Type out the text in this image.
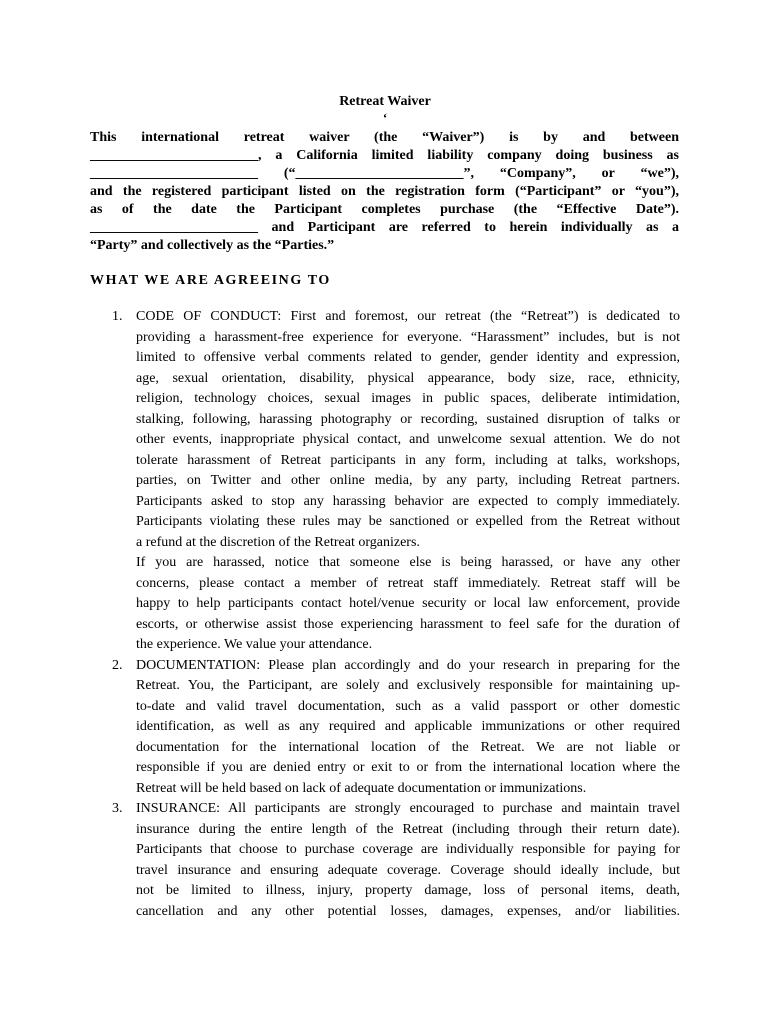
Retreat Waiver
‘
This international retreat waiver (the “Waiver”) is by and between
________________________, a California limited liability company doing business as
________________________ (“________________________”, “Company”, or “we”),
and the registered participant listed on the registration form (“Participant” or “you”),
as of the date the Participant completes purchase (the “Effective Date”).
________________________ and Participant are referred to herein individually as a
“Party” and collectively as the “Parties.”
WHAT WE ARE AGREEING TO
1. CODE OF CONDUCT: First and foremost, our retreat (the “Retreat”) is dedicated to
providing a harassment-free experience for everyone. “Harassment” includes, but is not
limited to offensive verbal comments related to gender, gender identity and expression,
age, sexual orientation, disability, physical appearance, body size, race, ethnicity,
religion, technology choices, sexual images in public spaces, deliberate intimidation,
stalking, following, harassing photography or recording, sustained disruption of talks or
other events, inappropriate physical contact, and unwelcome sexual attention. We do not
tolerate harassment of Retreat participants in any form, including at talks, workshops,
parties, on Twitter and other online media, by any party, including Retreat partners.
Participants asked to stop any harassing behavior are expected to comply immediately.
Participants violating these rules may be sanctioned or expelled from the Retreat without
a refund at the discretion of the Retreat organizers.
If you are harassed, notice that someone else is being harassed, or have any other
concerns, please contact a member of retreat staff immediately. Retreat staff will be
happy to help participants contact hotel/venue security or local law enforcement, provide
escorts, or otherwise assist those experiencing harassment to feel safe for the duration of
the experience. We value your attendance.
2. DOCUMENTATION: Please plan accordingly and do your research in preparing for the
Retreat. You, the Participant, are solely and exclusively responsible for maintaining up-
to-date and valid travel documentation, such as a valid passport or other domestic
identification, as well as any required and applicable immunizations or other required
documentation for the international location of the Retreat. We are not liable or
responsible if you are denied entry or exit to or from the international location where the
Retreat will be held based on lack of adequate documentation or immunizations.
3. INSURANCE: All participants are strongly encouraged to purchase and maintain travel
insurance during the entire length of the Retreat (including through their return date).
Participants that choose to purchase coverage are individually responsible for paying for
travel insurance and ensuring adequate coverage. Coverage should ideally include, but
not be limited to illness, injury, property damage, loss of personal items, death,
cancellation and any other potential losses, damages, expenses, and/or liabilities.
